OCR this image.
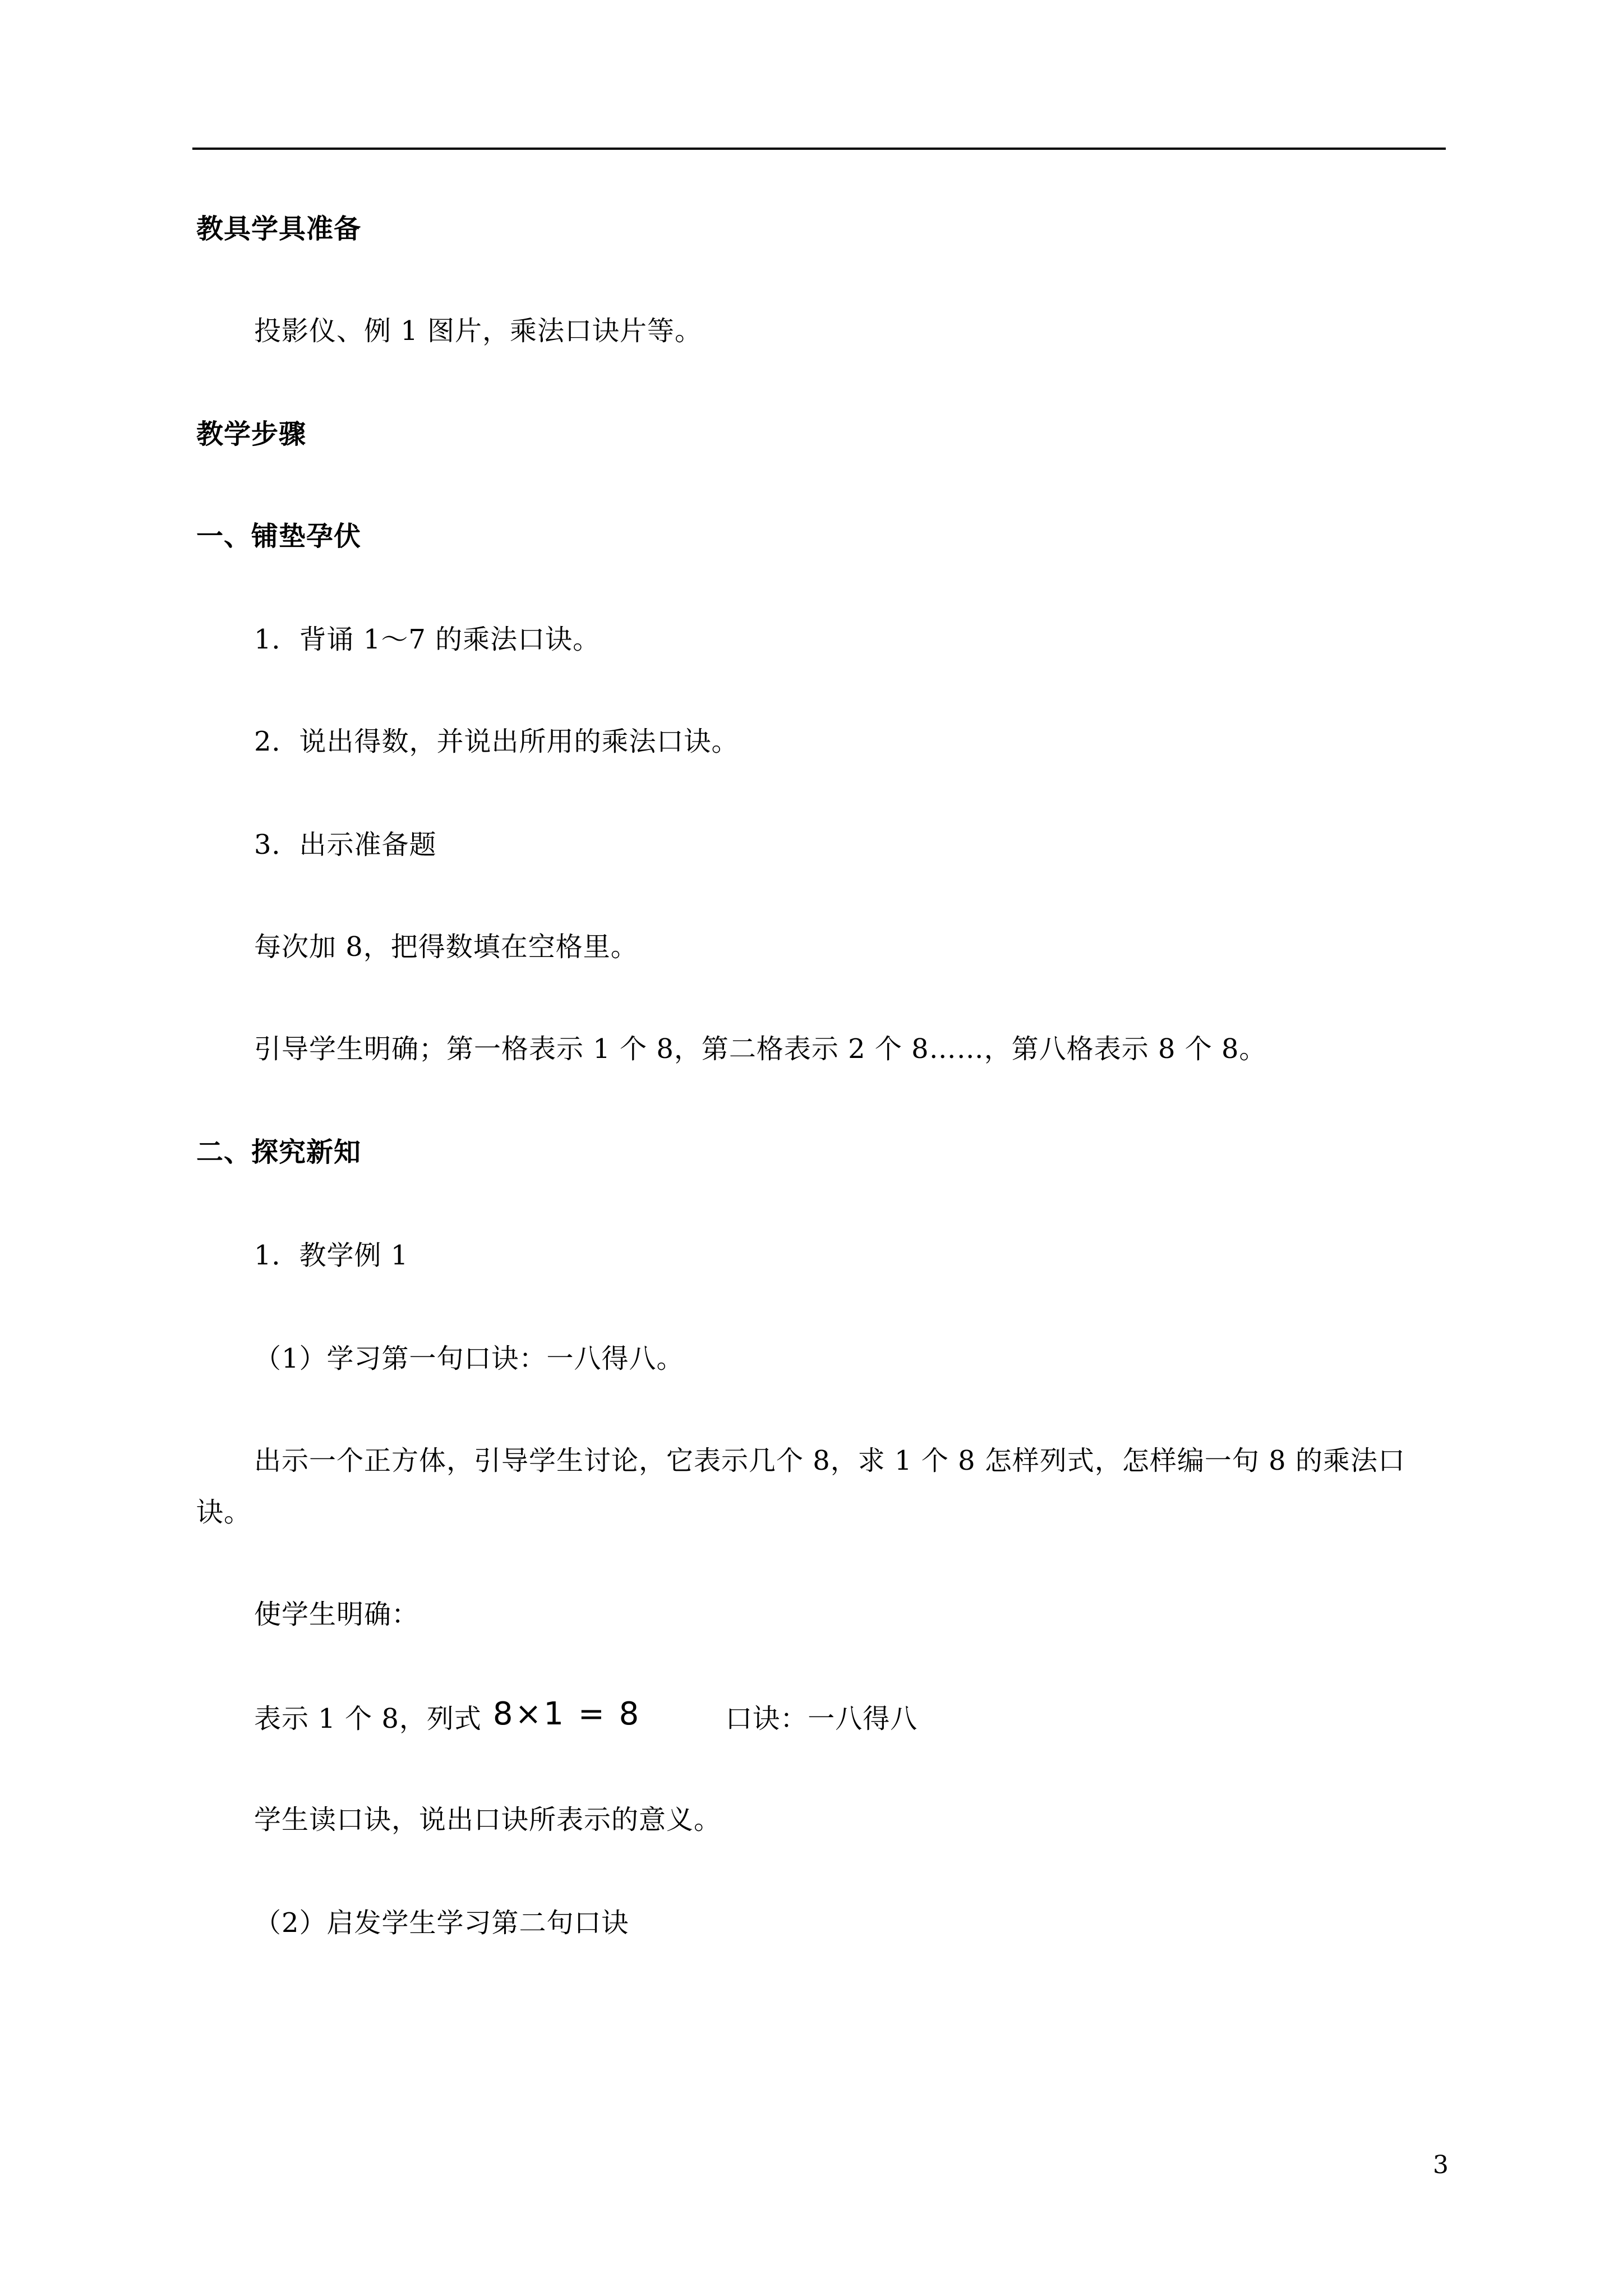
教具学具准备
投影仪、例 1 图片，乘法口诀片等。
教学步骤
一、铺垫孕伏
1．背诵 1～7 的乘法口诀。
2．说出得数，并说出所用的乘法口诀。
3．出示准备题
每次加 8，把得数填在空格里。
引导学生明确；第一格表示 1 个 8，第二格表示 2 个 8……，第八格表示 8 个 8。
二、探究新知
1．教学例 1
（1）学习第一句口诀：一八得八。
出示一个正方体，引导学生讨论，它表示几个 8，求 1 个 8 怎样列式，怎样编一句 8 的乘法口
诀。
使学生明确：
表示 1 个 8，列式 8×1 = 8	口诀：一八得八
学生读口诀，说出口诀所表示的意义。
（2）启发学生学习第二句口诀
3
